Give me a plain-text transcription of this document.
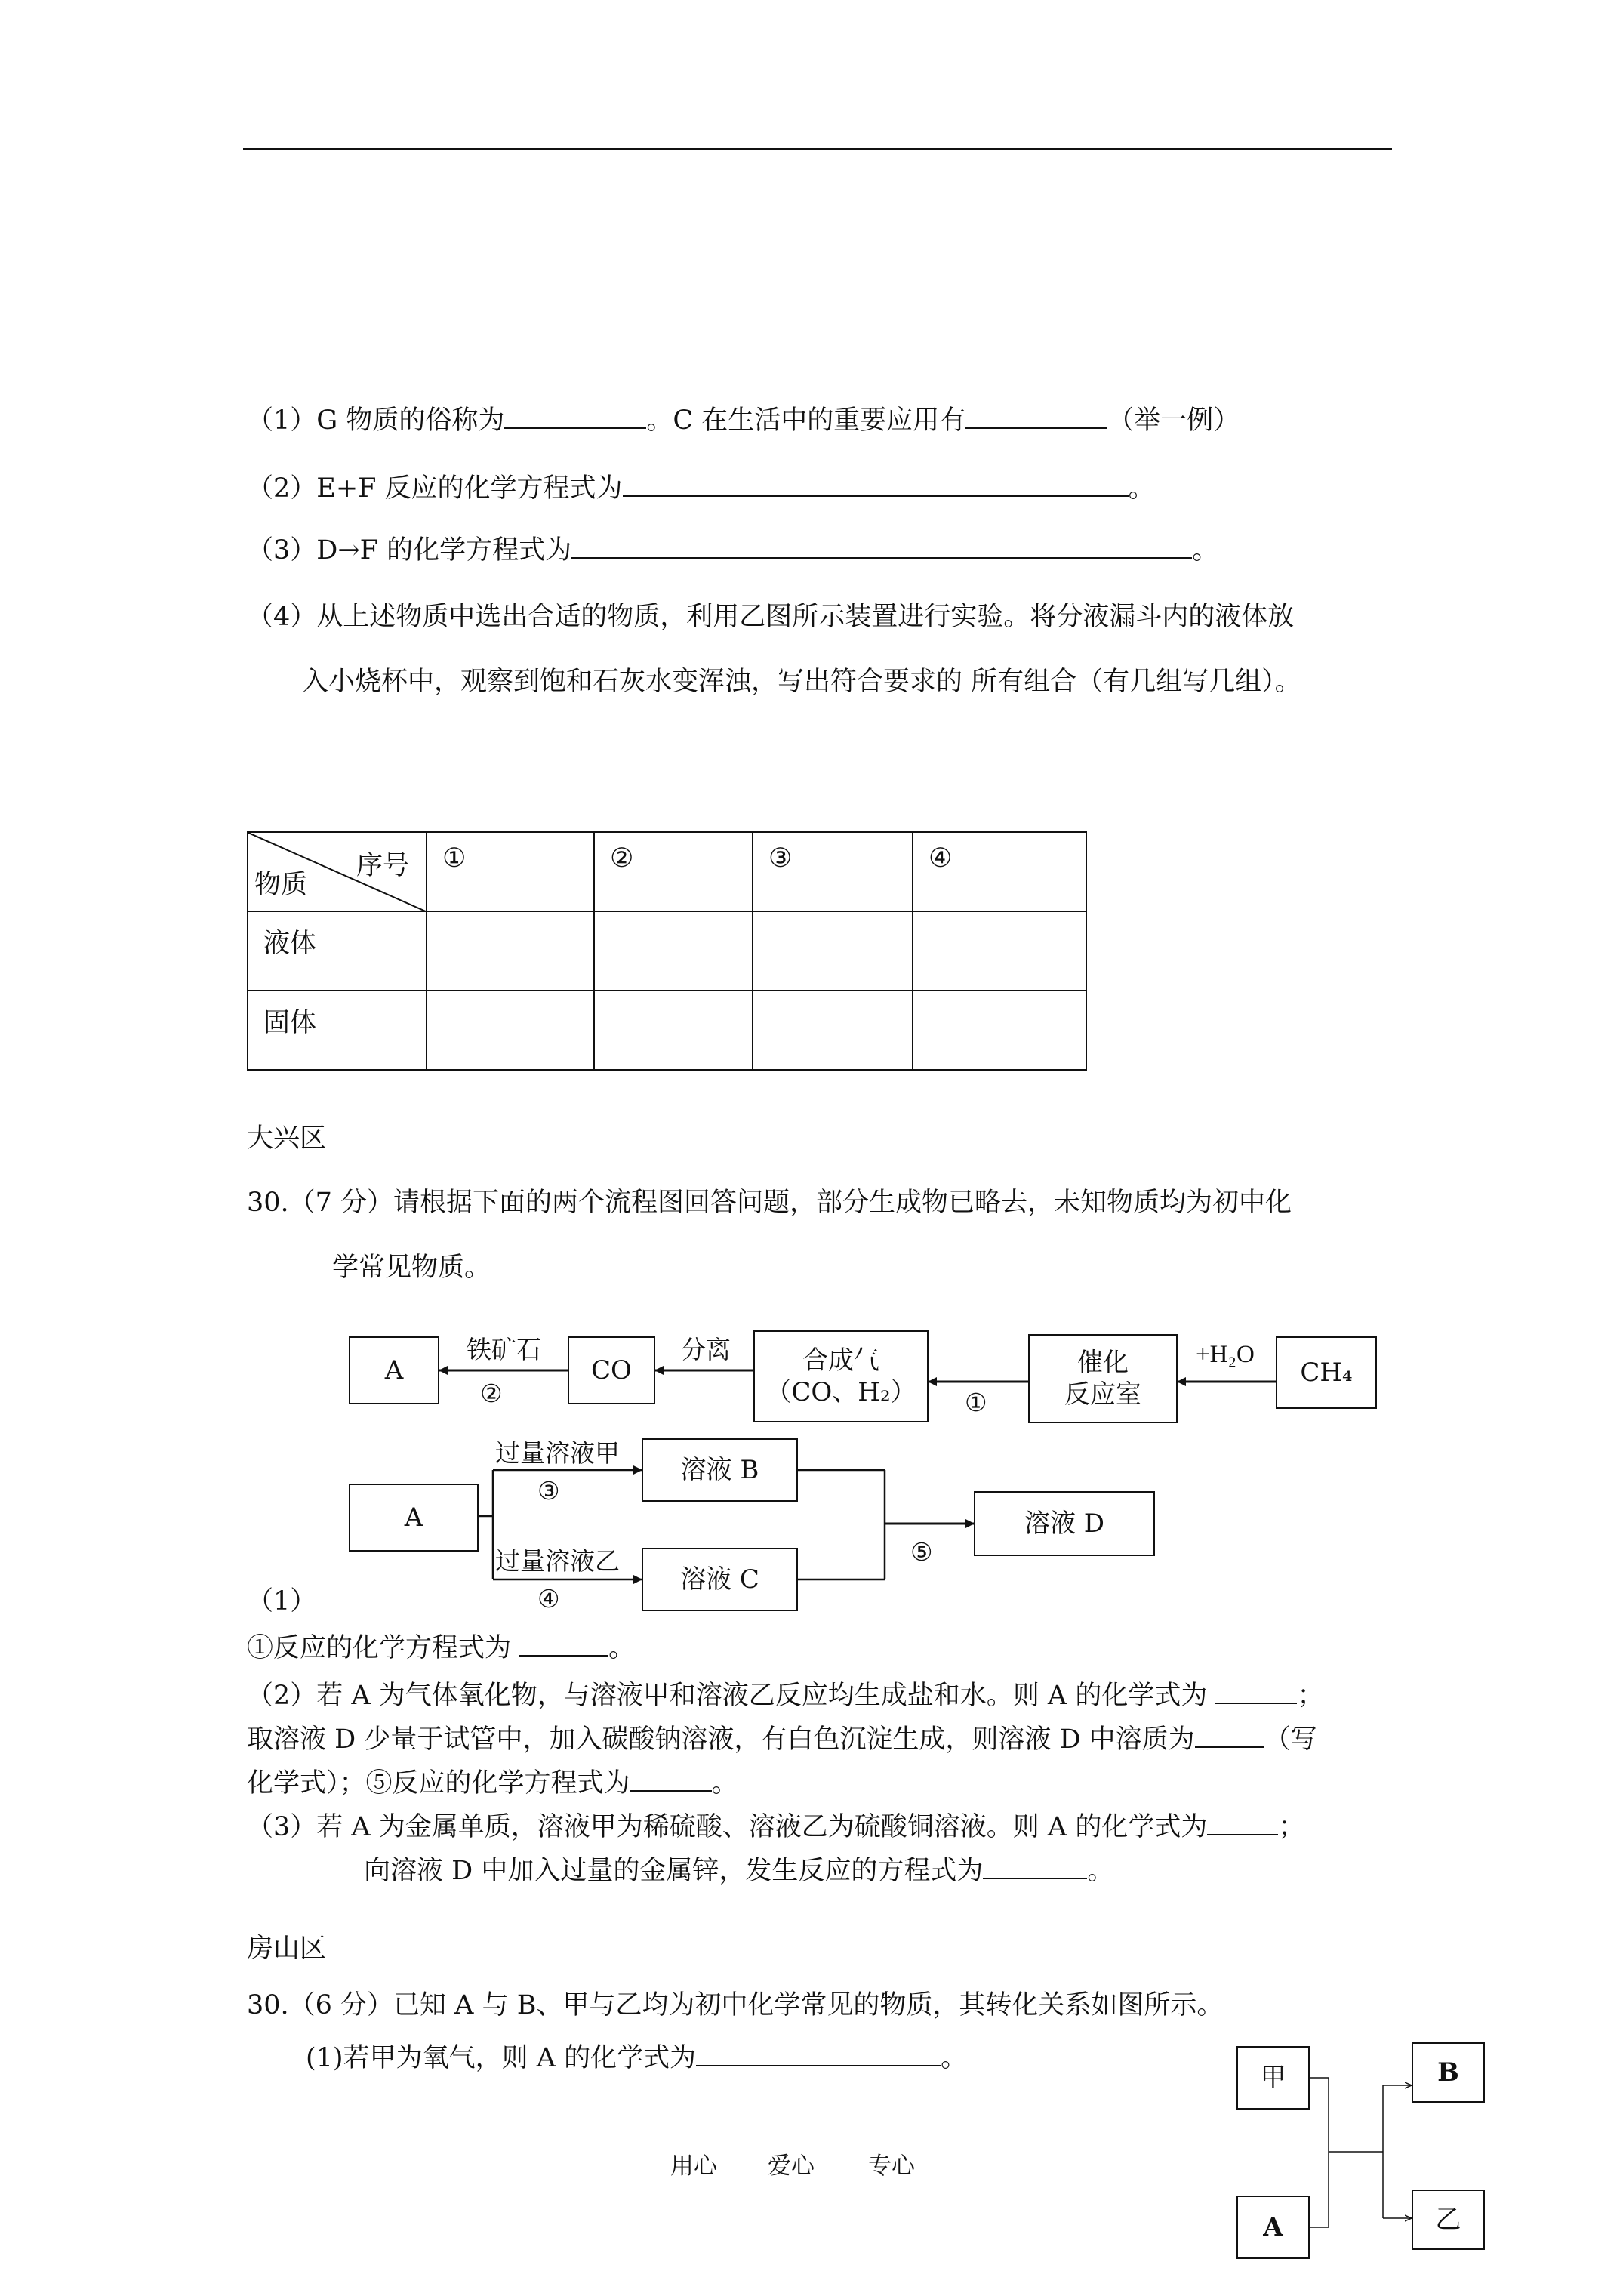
（1）G 物质的俗称为	。C 在生活中的重要应用有	（举一例）
（2）E+F 反应的化学方程式为	。
（3）D→F 的化学方程式为	。
（4）从上述物质中选出合适的物质，利用乙图所示装置进行实验。将分液漏斗内的液体放
入小烧杯中，观察到饱和石灰水变浑浊，写出符合要求的 所有组合（有几组写几组）。
序号
物质	①	②	③	④
液体				
固体				
大兴区
30.（7 分）请根据下面的两个流程图回答问题，部分生成物已略去，未知物质均为初中化
学常见物质。
A	CO	合成气
（CO、H₂）
催化
反应室
CH₄
铁矿石
②
分离
①
+H₂O
A
溶液 B
溶液 C
溶液 D
过量溶液甲
③
过量溶液乙
④
⑤
（1）
①反应的化学方程式为	。
（2）若 A 为气体氧化物，与溶液甲和溶液乙反应均生成盐和水。则 A 的化学式为	；
取溶液 D 少量于试管中，加入碳酸钠溶液，有白色沉淀生成，则溶液 D 中溶质为	（写
化学式）；⑤反应的化学方程式为	。
（3）若 A 为金属单质，溶液甲为稀硫酸、溶液乙为硫酸铜溶液。则 A 的化学式为	；
向溶液 D 中加入过量的金属锌，发生反应的方程式为	。
房山区
30.（6 分）已知 A 与 B、甲与乙均为初中化学常见的物质，其转化关系如图所示。
(1)若甲为氧气，则 A 的化学式为	。
甲	B
A	乙
用心 爱心 专心
